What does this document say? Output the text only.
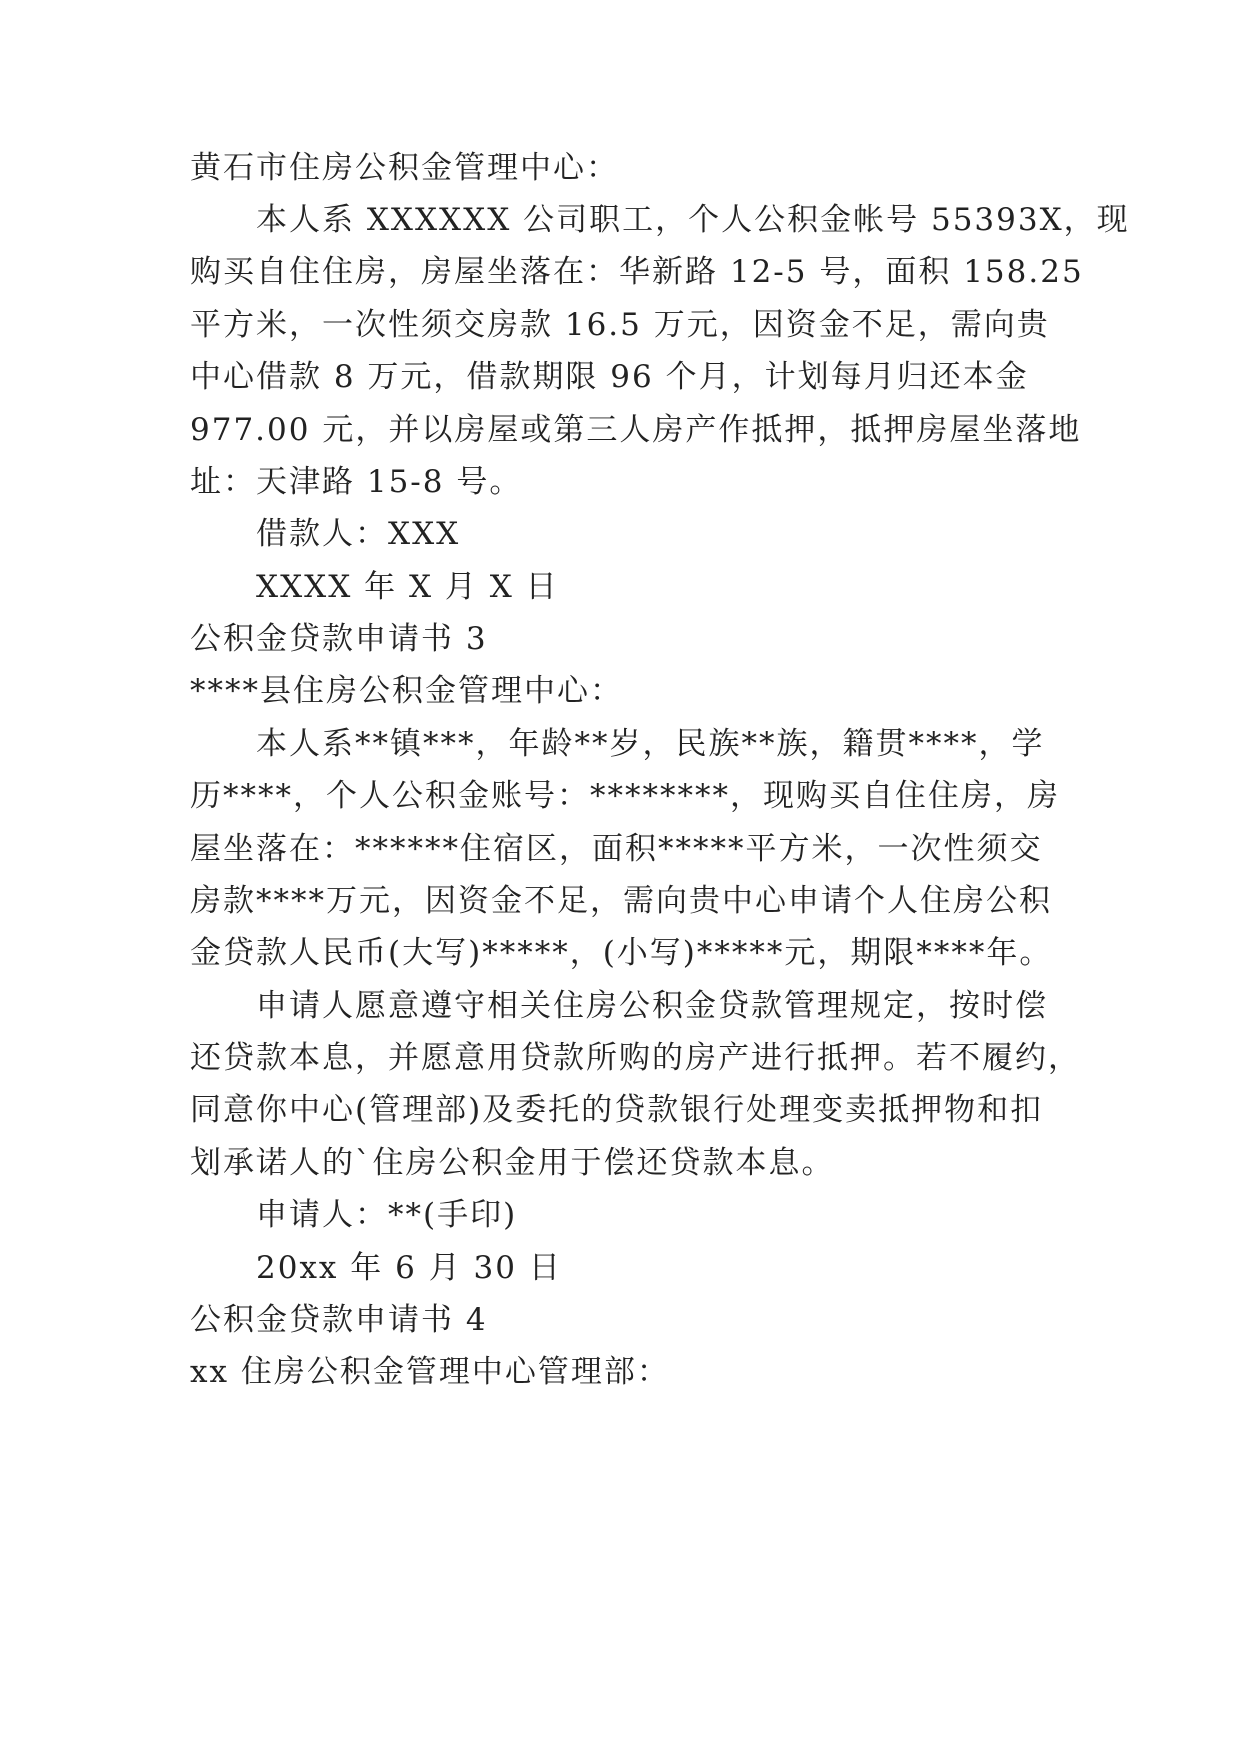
黄石市住房公积金管理中心：
本人系 XXXXXX 公司职工，个人公积金帐号 55393X，现
购买自住住房，房屋坐落在：华新路 12-5 号，面积 158.25
平方米，一次性须交房款 16.5 万元，因资金不足，需向贵
中心借款 8 万元，借款期限 96 个月，计划每月归还本金
977.00 元，并以房屋或第三人房产作抵押，抵押房屋坐落地
址：天津路 15-8 号。
借款人：XXX
XXXX 年 X 月 X 日
公积金贷款申请书 3
****县住房公积金管理中心：
本人系**镇***，年龄**岁，民族**族，籍贯****，学
历****，个人公积金账号：********，现购买自住住房，房
屋坐落在：******住宿区，面积*****平方米，一次性须交
房款****万元，因资金不足，需向贵中心申请个人住房公积
金贷款人民币(大写)*****，(小写)*****元，期限****年。
申请人愿意遵守相关住房公积金贷款管理规定，按时偿
还贷款本息，并愿意用贷款所购的房产进行抵押。若不履约，
同意你中心(管理部)及委托的贷款银行处理变卖抵押物和扣
划承诺人的`住房公积金用于偿还贷款本息。
申请人：**(手印)
20xx 年 6 月 30 日
公积金贷款申请书 4
xx 住房公积金管理中心管理部：
